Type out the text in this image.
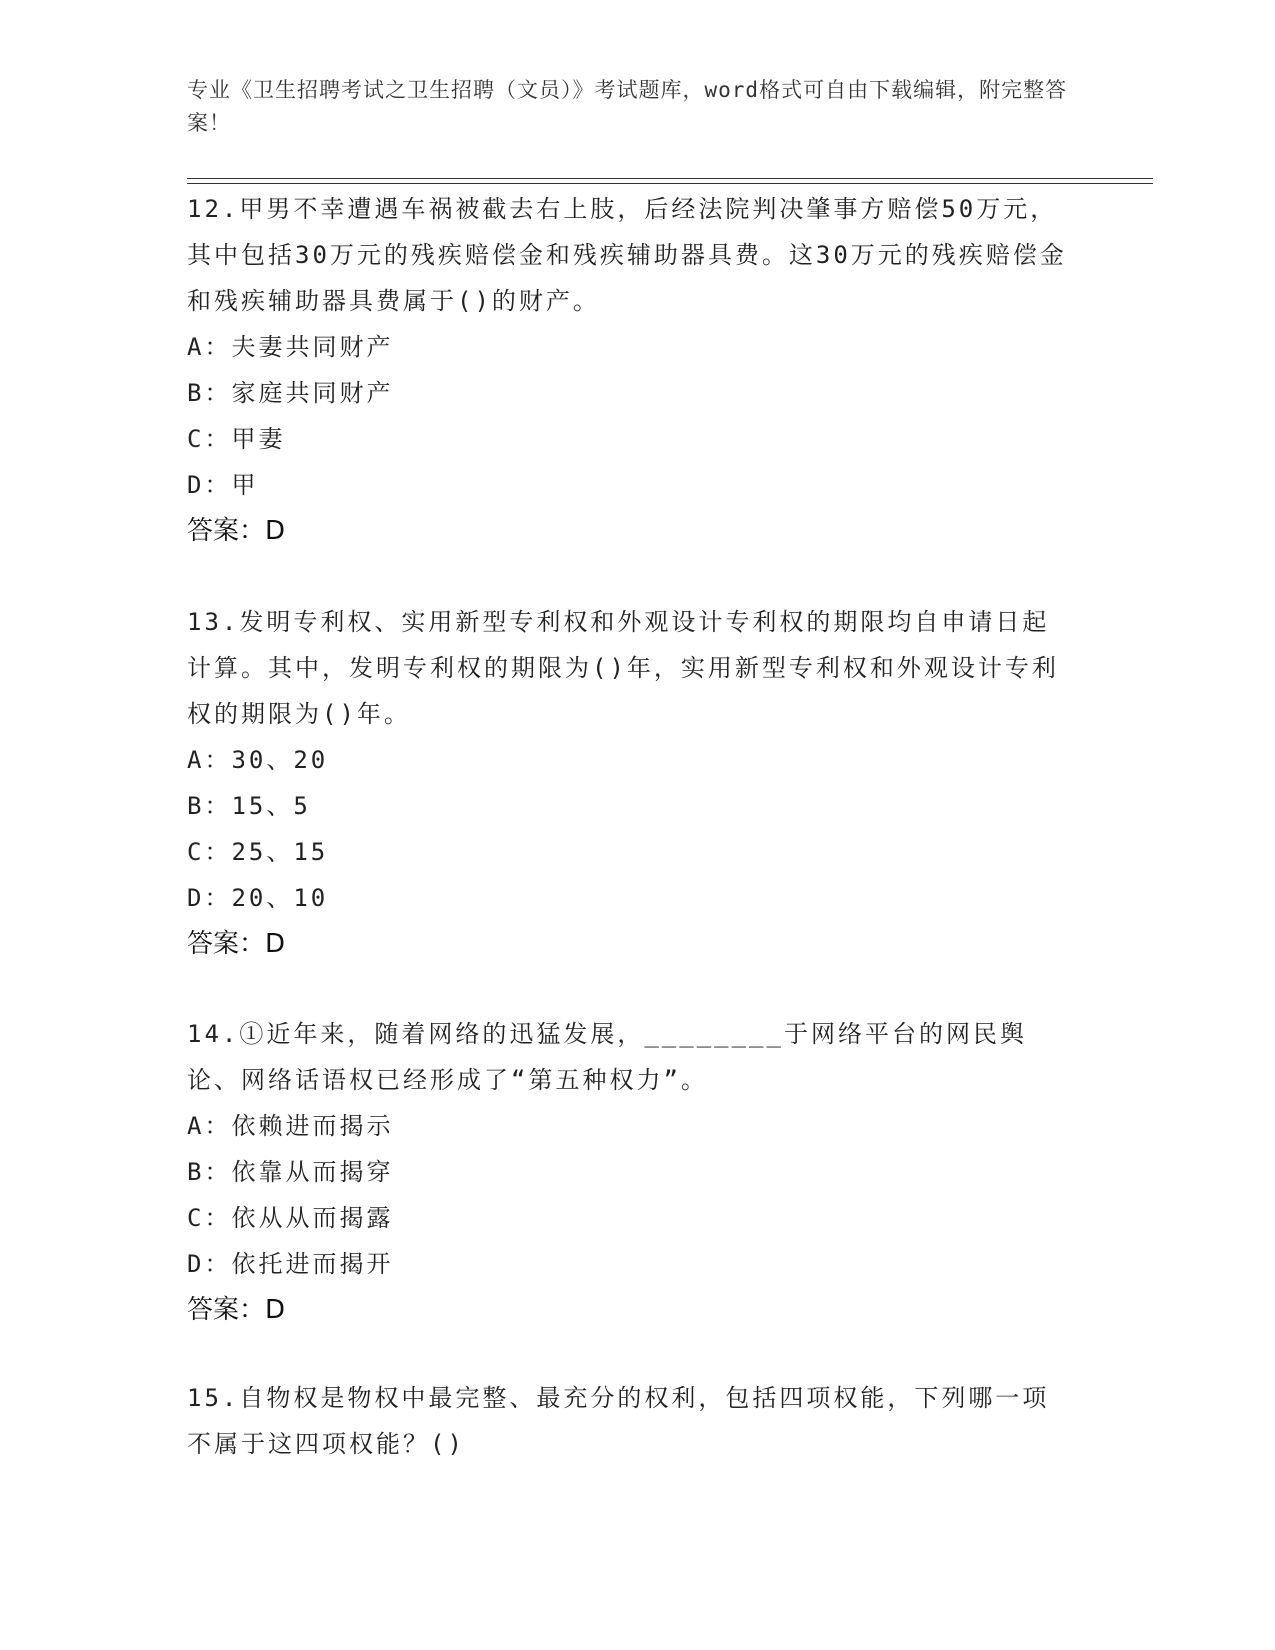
专业《卫生招聘考试之卫生招聘（文员）》考试题库，word格式可自由下载编辑，附完整答案！
12.甲男不幸遭遇车祸被截去右上肢，后经法院判决肇事方赔偿50万元，其中包括30万元的残疾赔偿金和残疾辅助器具费。这30万元的残疾赔偿金和残疾辅助器具费属于()的财产。
A：夫妻共同财产
B：家庭共同财产
C：甲妻
D：甲
答案：D
13.发明专利权、实用新型专利权和外观设计专利权的期限均自申请日起计算。其中，发明专利权的期限为()年，实用新型专利权和外观设计专利权的期限为()年。
A：30、20
B：15、5
C：25、15
D：20、10
答案：D
14.①近年来，随着网络的迅猛发展，________于网络平台的网民舆论、网络话语权已经形成了“第五种权力”。
A：依赖进而揭示
B：依靠从而揭穿
C：依从从而揭露
D：依托进而揭开
答案：D
15.自物权是物权中最完整、最充分的权利，包括四项权能，下列哪一项不属于这四项权能？()
